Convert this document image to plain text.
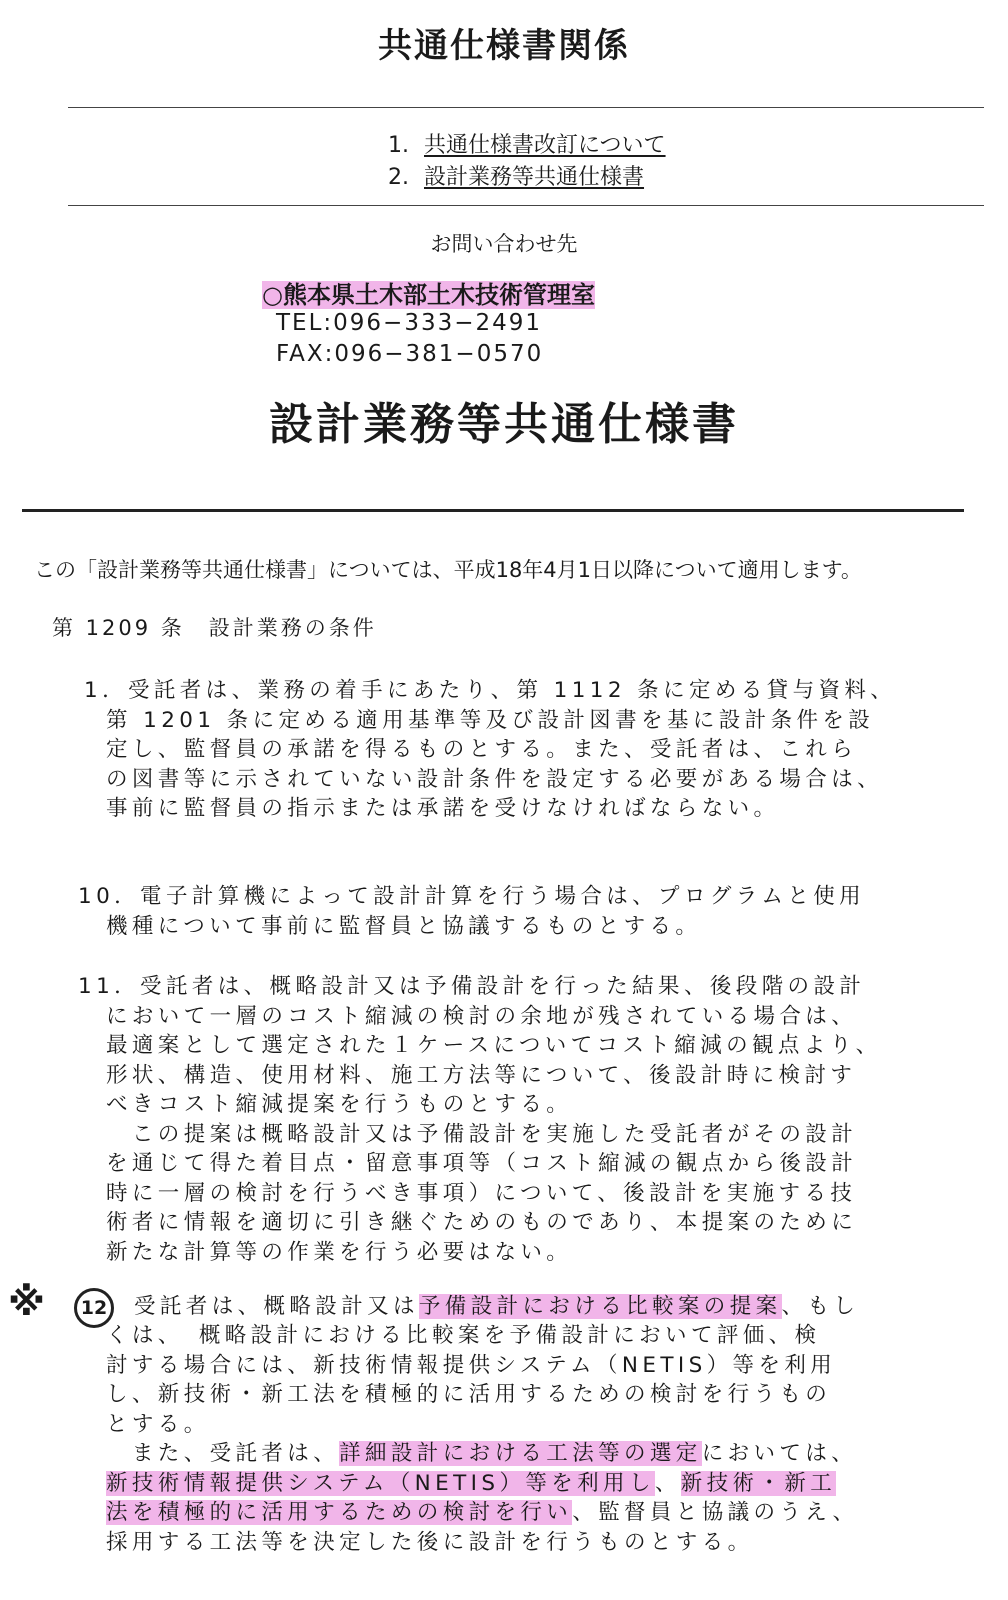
共通仕様書関係
1. 共通仕様書改訂について
2. 設計業務等共通仕様書
お問い合わせ先
○熊本県土木部土木技術管理室
TEL:096−333−2491
FAX:096−381−0570
設計業務等共通仕様書
この「設計業務等共通仕様書」については、平成18年4月1日以降について適用します。
第 1209 条　設計業務の条件
1．受託者は、業務の着手にあたり、第 1112 条に定める貸与資料、
第 1201 条に定める適用基準等及び設計図書を基に設計条件を設
定し、監督員の承諾を得るものとする。また、受託者は、これら
の図書等に示されていない設計条件を設定する必要がある場合は、
事前に監督員の指示または承諾を受けなければならない。
10．電子計算機によって設計計算を行う場合は、プログラムと使用
機種について事前に監督員と協議するものとする。
11．受託者は、概略設計又は予備設計を行った結果、後段階の設計
において一層のコスト縮減の検討の余地が残されている場合は、
最適案として選定された１ケースについてコスト縮減の観点より、
形状、構造、使用材料、施工方法等について、後設計時に検討す
べきコスト縮減提案を行うものとする。
　この提案は概略設計又は予備設計を実施した受託者がその設計
を通じて得た着目点・留意事項等（コスト縮減の観点から後設計
時に一層の検討を行うべき事項）について、後設計を実施する技
術者に情報を適切に引き継ぐためのものであり、本提案のために
新たな計算等の作業を行う必要はない。
※	12	受託者は、概略設計又は予備設計における比較案の提案、もし
くは、　概略設計における比較案を予備設計において評価、検
討する場合には、新技術情報提供システム（NETIS）等を利用
し、新技術・新工法を積極的に活用するための検討を行うもの
とする。
　また、受託者は、詳細設計における工法等の選定においては、
新技術情報提供システム（NETIS）等を利用し、新技術・新工
法を積極的に活用するための検討を行い、監督員と協議のうえ、
採用する工法等を決定した後に設計を行うものとする。
